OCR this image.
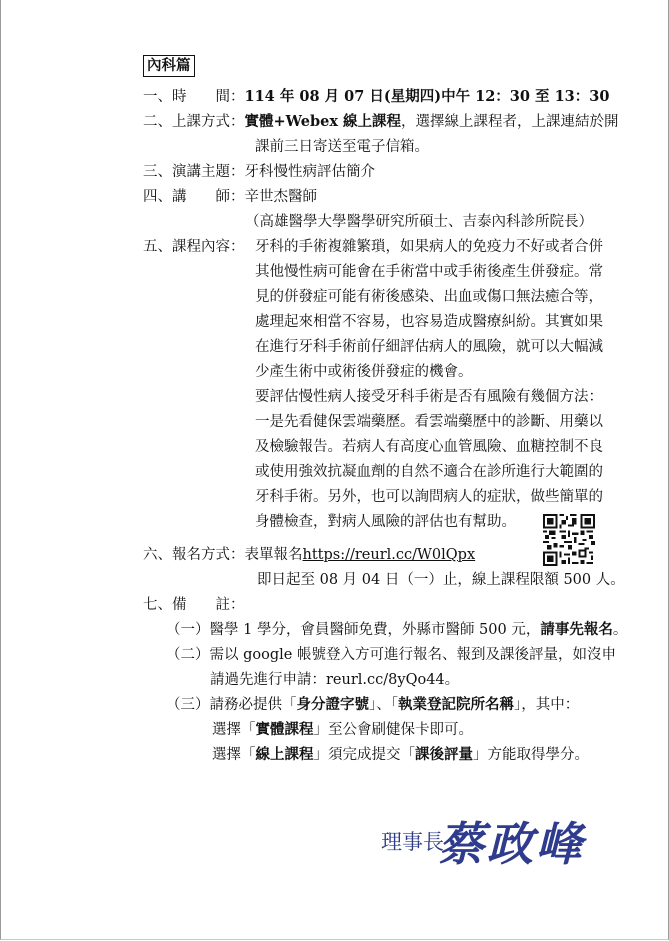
內科篇
一、時　　間：114 年 08 月 07 日(星期四)中午 12：30 至 13：30
二、上課方式：實體+Webex 線上課程，選擇線上課程者，上課連結於開
課前三日寄送至電子信箱。
三、演講主題：牙科慢性病評估簡介
四、講　　師：辛世杰醫師
（高雄醫學大學醫學研究所碩士、吉泰內科診所院長）
五、課程內容： 牙科的手術複雜繁瑣，如果病人的免疫力不好或者合併
其他慢性病可能會在手術當中或手術後產生併發症。常
見的併發症可能有術後感染、出血或傷口無法癒合等，
處理起來相當不容易，也容易造成醫療糾紛。其實如果
在進行牙科手術前仔細評估病人的風險，就可以大幅減
少產生術中或術後併發症的機會。
要評估慢性病人接受牙科手術是否有風險有幾個方法：
一是先看健保雲端藥歷。看雲端藥歷中的診斷、用藥以
及檢驗報告。若病人有高度心血管風險、血糖控制不良
或使用強效抗凝血劑的自然不適合在診所進行大範圍的
牙科手術。另外，也可以詢問病人的症狀，做些簡單的
身體檢查，對病人風險的評估也有幫助。
六、報名方式：表單報名https://reurl.cc/W0lQpx
即日起至 08 月 04 日（一）止，線上課程限額 500 人。
七、備　　註：
（一）醫學 1 學分，會員醫師免費，外縣市醫師 500 元，請事先報名。
（二）需以 google 帳號登入方可進行報名、報到及課後評量，如沒申
請過先進行申請：reurl.cc/8yQo44。
（三）請務必提供「身分證字號」、「執業登記院所名稱」，其中：
選擇「實體課程」至公會刷健保卡即可。
選擇「線上課程」須完成提交「課後評量」方能取得學分。
理事長
蔡政峰
